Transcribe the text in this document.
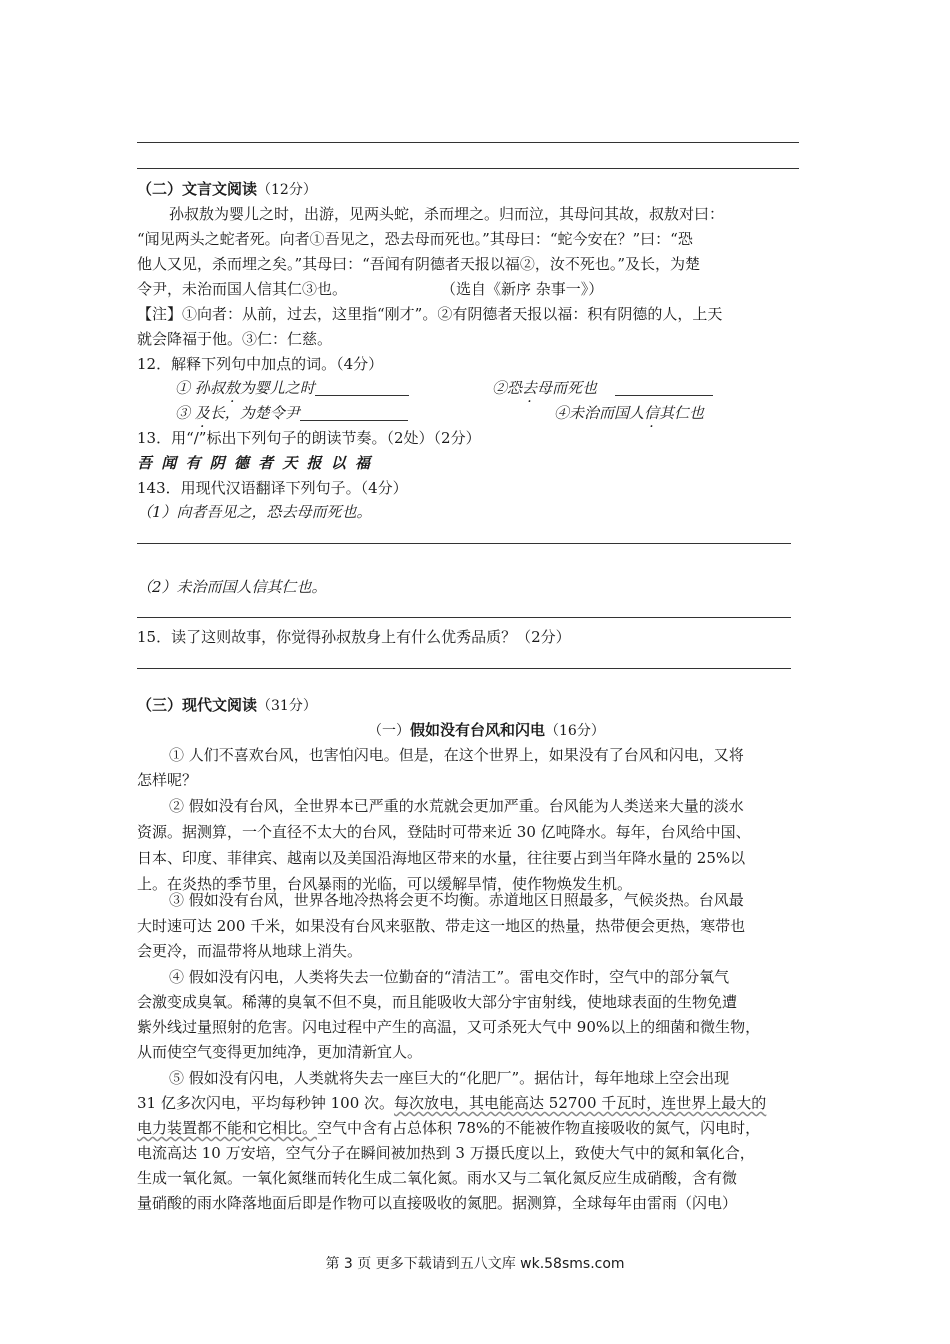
（二）文言文阅读（12分）
孙叔敖为婴儿之时，出游，见两头蛇，杀而埋之。归而泣，其母问其故，叔敖对曰：
“闻见两头之蛇者死。向者①吾见之，恐去母而死也。”其母曰：“蛇今安在？”曰：“恐
他人又见，杀而埋之矣。”其母曰：“吾闻有阴德者天报以福②，汝不死也。”及长，为楚
令尹，未治而国人信其仁③也。	（选自《新序 杂事一》）
【注】①向者：从前，过去，这里指“刚才”。②有阴德者天报以福：积有阴德的人，上天
就会降福于他。③仁：仁慈。
12．解释下列句中加点的词。（4分）
① 孙叔敖为婴儿之时	②恐去母而死也
③ 及长，为楚令尹	④未治而国人信其仁也
13．用“/”标出下列句子的朗读节奏。（2处）（2分）
吾 闻 有 阴 德 者 天 报 以 福
143．用现代汉语翻译下列句子。（4分）
（1）向者吾见之，恐去母而死也。
（2）未治而国人信其仁也。
15．读了这则故事，你觉得孙叔敖身上有什么优秀品质？（2分）
（三）现代文阅读（31分）
（一）假如没有台风和闪电（16分）
① 人们不喜欢台风，也害怕闪电。但是，在这个世界上，如果没有了台风和闪电，又将
怎样呢？
② 假如没有台风，全世界本已严重的水荒就会更加严重。台风能为人类送来大量的淡水
资源。据测算，一个直径不太大的台风，登陆时可带来近 30 亿吨降水。每年，台风给中国、
日本、印度、菲律宾、越南以及美国沿海地区带来的水量，往往要占到当年降水量的 25%以
上。在炎热的季节里，台风暴雨的光临，可以缓解旱情，使作物焕发生机。
③ 假如没有台风，世界各地冷热将会更不均衡。赤道地区日照最多，气候炎热。台风最
大时速可达 200 千米，如果没有台风来驱散、带走这一地区的热量，热带便会更热，寒带也
会更冷，而温带将从地球上消失。
④ 假如没有闪电，人类将失去一位勤奋的“清洁工”。雷电交作时，空气中的部分氧气
会激变成臭氧。稀薄的臭氧不但不臭，而且能吸收大部分宇宙射线，使地球表面的生物免遭
紫外线过量照射的危害。闪电过程中产生的高温，又可杀死大气中 90%以上的细菌和微生物，
从而使空气变得更加纯净，更加清新宜人。
⑤ 假如没有闪电，人类就将失去一座巨大的“化肥厂”。据估计，每年地球上空会出现
31 亿多次闪电，平均每秒钟 100 次。每次放电，其电能高达 52700 千瓦时，连世界上最大的
电力装置都不能和它相比。空气中含有占总体积 78%的不能被作物直接吸收的氮气，闪电时，
电流高达 10 万安培，空气分子在瞬间被加热到 3 万摄氏度以上，致使大气中的氮和氧化合，
生成一氧化氮。一氧化氮继而转化生成二氧化氮。雨水又与二氧化氮反应生成硝酸，含有微
量硝酸的雨水降落地面后即是作物可以直接吸收的氮肥。据测算，全球每年由雷雨（闪电）
第 3 页 更多下载请到五八文库 wk.58sms.com
